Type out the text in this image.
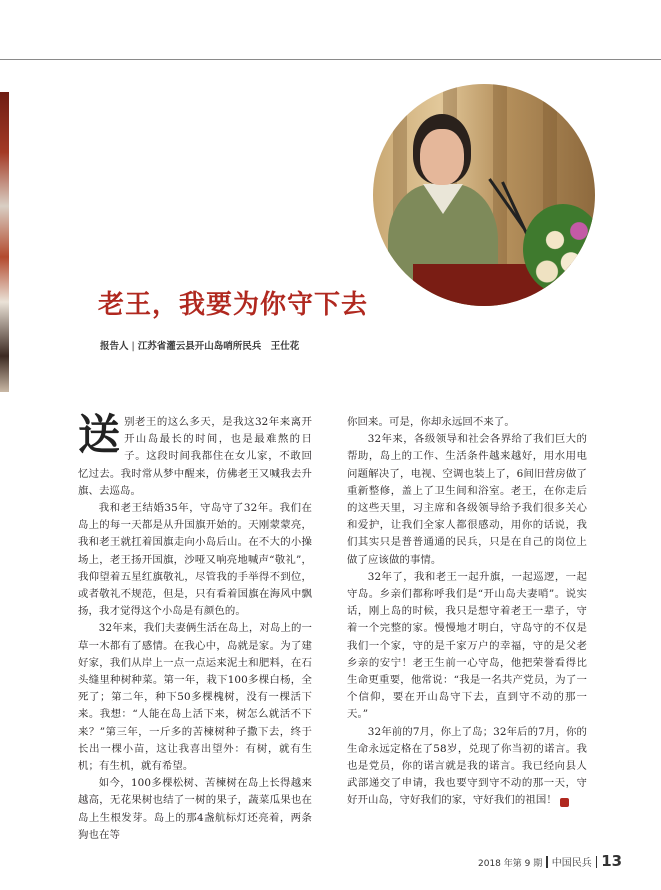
老王，我要为你守下去
报告人 | 江苏省灌云县开山岛哨所民兵　王仕花

送别老王的这么多天，是我这32年来离开开山岛最长的时间，也是最难熬的日子。这段时间我都住在女儿家，不敢回忆过去。我时常从梦中醒来，仿佛老王又喊我去升旗、去巡岛。

我和老王结婚35年，守岛守了32年。我们在岛上的每一天都是从升国旗开始的。天刚蒙蒙亮，我和老王就扛着国旗走向小岛后山。在不大的小操场上，老王扬开国旗，沙哑又响亮地喊声“敬礼”，我仰望着五星红旗敬礼，尽管我的手举得不到位，或者敬礼不规范，但是，只有看着国旗在海风中飘扬，我才觉得这个小岛是有颜色的。

32年来，我们夫妻俩生活在岛上，对岛上的一草一木都有了感情。在我心中，岛就是家。为了建好家，我们从岸上一点一点运来泥土和肥料，在石头缝里种树种菜。第一年，栽下100多棵白杨，全死了；第二年，种下50多棵槐树，没有一棵活下来。我想：“人能在岛上活下来，树怎么就活不下来？”第三年，一斤多的苦楝树种子撒下去，终于长出一棵小苗，这让我喜出望外：有树，就有生机；有生机，就有希望。

如今，100多棵松树、苦楝树在岛上长得越来越高，无花果树也结了一树的果子，蔬菜瓜果也在岛上生根发芽。岛上的那4盏航标灯还亮着，两条狗也在等

你回来。可是，你却永远回不来了。

32年来，各级领导和社会各界给了我们巨大的帮助，岛上的工作、生活条件越来越好，用水用电问题解决了，电视、空调也装上了，6间旧营房做了重新整修，盖上了卫生间和浴室。老王，在你走后的这些天里，习主席和各级领导给予我们很多关心和爱护，让我们全家人都很感动，用你的话说，我们其实只是普普通通的民兵，只是在自己的岗位上做了应该做的事情。

32年了，我和老王一起升旗，一起巡逻，一起守岛。乡亲们都称呼我们是“开山岛夫妻哨”。说实话，刚上岛的时候，我只是想守着老王一辈子，守着一个完整的家。慢慢地才明白，守岛守的不仅是我们一个家，守的是千家万户的幸福，守的是父老乡亲的安宁！老王生前一心守岛，他把荣誉看得比生命更重要，他常说：“我是一名共产党员，为了一个信仰，要在开山岛守下去，直到守不动的那一天。”

32年前的7月，你上了岛；32年后的7月，你的生命永远定格在了58岁，兑现了你当初的诺言。我也是党员，你的诺言就是我的诺言。我已经向县人武部递交了申请，我也要守到守不动的那一天，守好开山岛，守好我们的家，守好我们的祖国！	军

2018 年第 9 期 中国民兵 13
